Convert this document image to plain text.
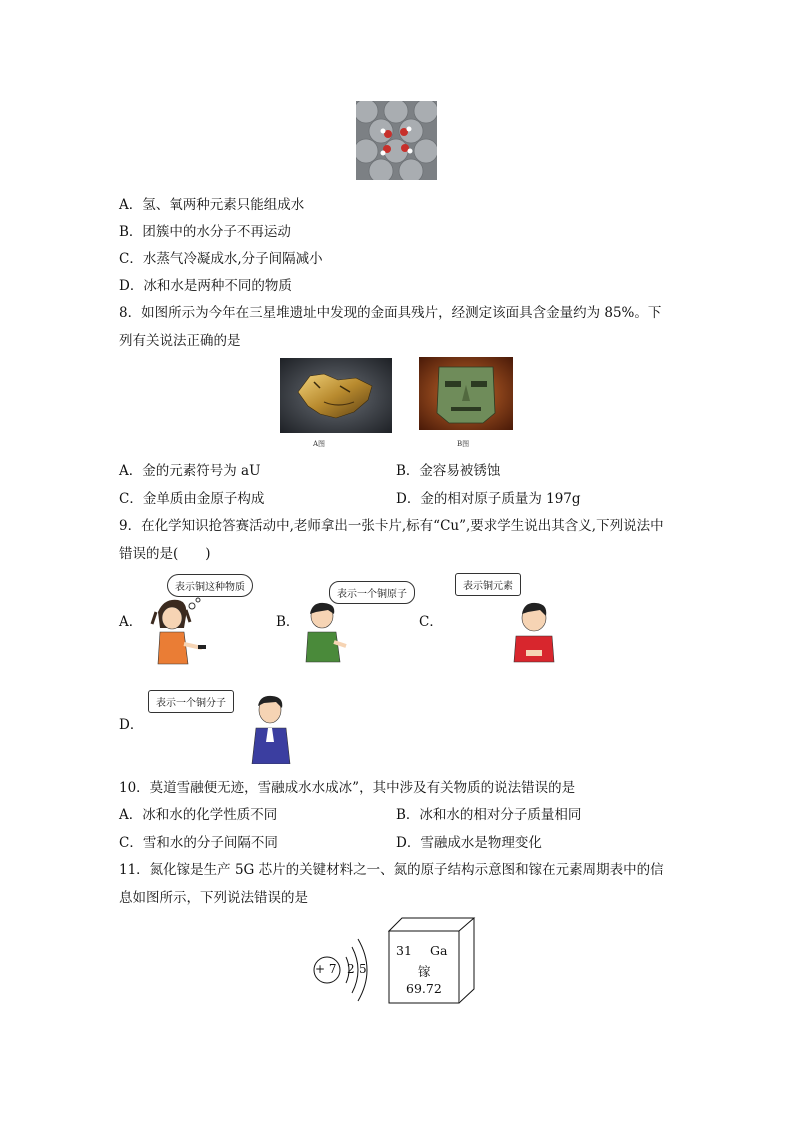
A．氢、氧两种元素只能组成水
B．团簇中的水分子不再运动
C．水蒸气冷凝成水,分子间隔减小
D．冰和水是两种不同的物质
8．如图所示为今年在三星堆遗址中发现的金面具残片，经测定该面具含金量约为 85%。下
列有关说法正确的是
A图	B图
A．金的元素符号为 aU	B．金容易被锈蚀
C．金单质由金原子构成	D．金的相对原子质量为 197g
9．在化学知识抢答赛活动中,老师拿出一张卡片,标有“Cu”,要求学生说出其含义,下列说法中
错误的是(　　)
A．
表示铜这种物质
B．
表示一个铜原子
C．
表示铜元素
D．
表示一个铜分子
10．莫道雪融便无迹，雪融成水水成冰”，其中涉及有关物质的说法错误的是
A．冰和水的化学性质不同	B．冰和水的相对分子质量相同
C．雪和水的分子间隔不同	D．雪融成水是物理变化
11．氮化镓是生产 5G 芯片的关键材料之一、氮的原子结构示意图和镓在元素周期表中的信
息如图所示，下列说法错误的是
+ 7 2 5
31 Ga
镓
69.72
